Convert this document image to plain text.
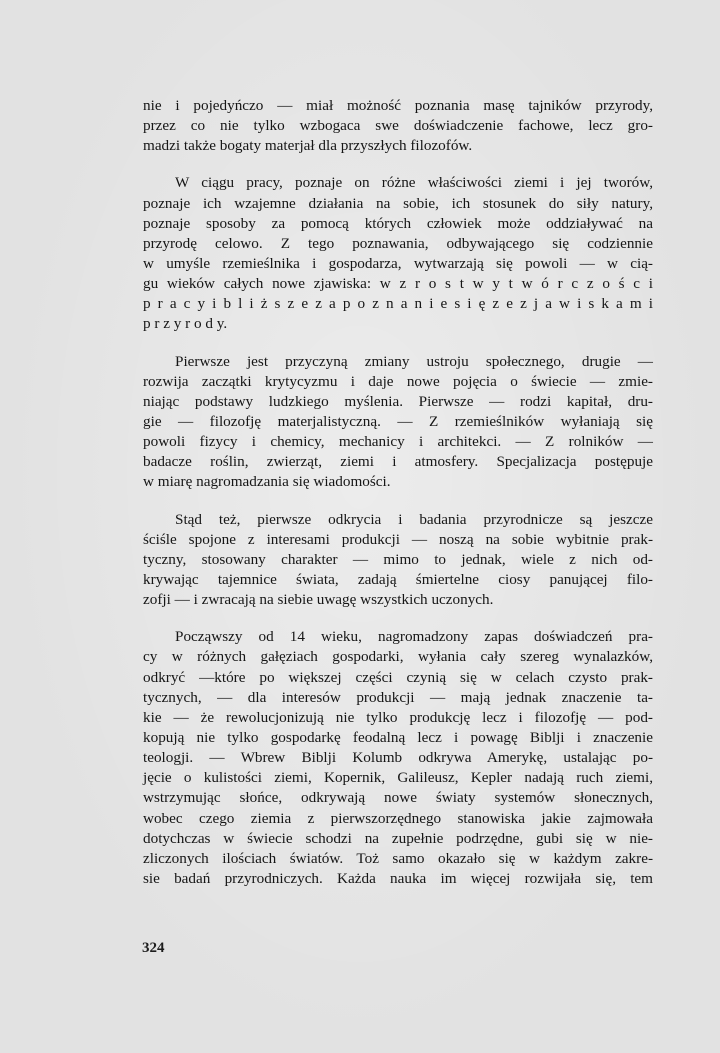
nie i pojedyńczo — miał możność poznania masę tajników przyrody,
przez co nie tylko wzbogaca swe doświadczenie fachowe, lecz gro-
madzi także bogaty materjał dla przyszłych filozofów.
W ciągu pracy, poznaje on różne właściwości ziemi i jej tworów,
poznaje ich wzajemne działania na sobie, ich stosunek do siły natury,
poznaje sposoby za pomocą których człowiek może oddziaływać na
przyrodę celowo. Z tego poznawania, odbywającego się codziennie
w umyśle rzemieślnika i gospodarza, wytwarzają się powoli — w cią-
gu wieków całych nowe zjawiska: w z r o s t w y t w ó r c z o ś c i
p r a c y i b l i ż s z e z a p o z n a n i e s i ę z e z j a w i s k a m i
p r z y r o d y.
Pierwsze jest przyczyną zmiany ustroju społecznego, drugie —
rozwija zaczątki krytycyzmu i daje nowe pojęcia o świecie — zmie-
niając podstawy ludzkiego myślenia. Pierwsze — rodzi kapitał, dru-
gie — filozofję materjalistyczną. — Z rzemieślników wyłaniają się
powoli fizycy i chemicy, mechanicy i architekci. — Z rolników —
badacze roślin, zwierząt, ziemi i atmosfery. Specjalizacja postępuje
w miarę nagromadzania się wiadomości.
Stąd też, pierwsze odkrycia i badania przyrodnicze są jeszcze
ściśle spojone z interesami produkcji — noszą na sobie wybitnie prak-
tyczny, stosowany charakter — mimo to jednak, wiele z nich od-
krywając tajemnice świata, zadają śmiertelne ciosy panującej filo-
zofji — i zwracają na siebie uwagę wszystkich uczonych.
Począwszy od 14 wieku, nagromadzony zapas doświadczeń pra-
cy w różnych gałęziach gospodarki, wyłania cały szereg wynalazków,
odkryć —które po większej części czynią się w celach czysto prak-
tycznych, — dla interesów produkcji — mają jednak znaczenie ta-
kie — że rewolucjonizują nie tylko produkcję lecz i filozofję — pod-
kopują nie tylko gospodarkę feodalną lecz i powagę Biblji i znaczenie
teologji. — Wbrew Biblji Kolumb odkrywa Amerykę, ustalając po-
jęcie o kulistości ziemi, Kopernik, Galileusz, Kepler nadają ruch ziemi,
wstrzymując słońce, odkrywają nowe światy systemów słonecznych,
wobec czego ziemia z pierwszorzędnego stanowiska jakie zajmowała
dotychczas w świecie schodzi na zupełnie podrzędne, gubi się w nie-
zliczonych ilościach światów. Toż samo okazało się w każdym zakre-
sie badań przyrodniczych. Każda nauka im więcej rozwijała się, tem
324
